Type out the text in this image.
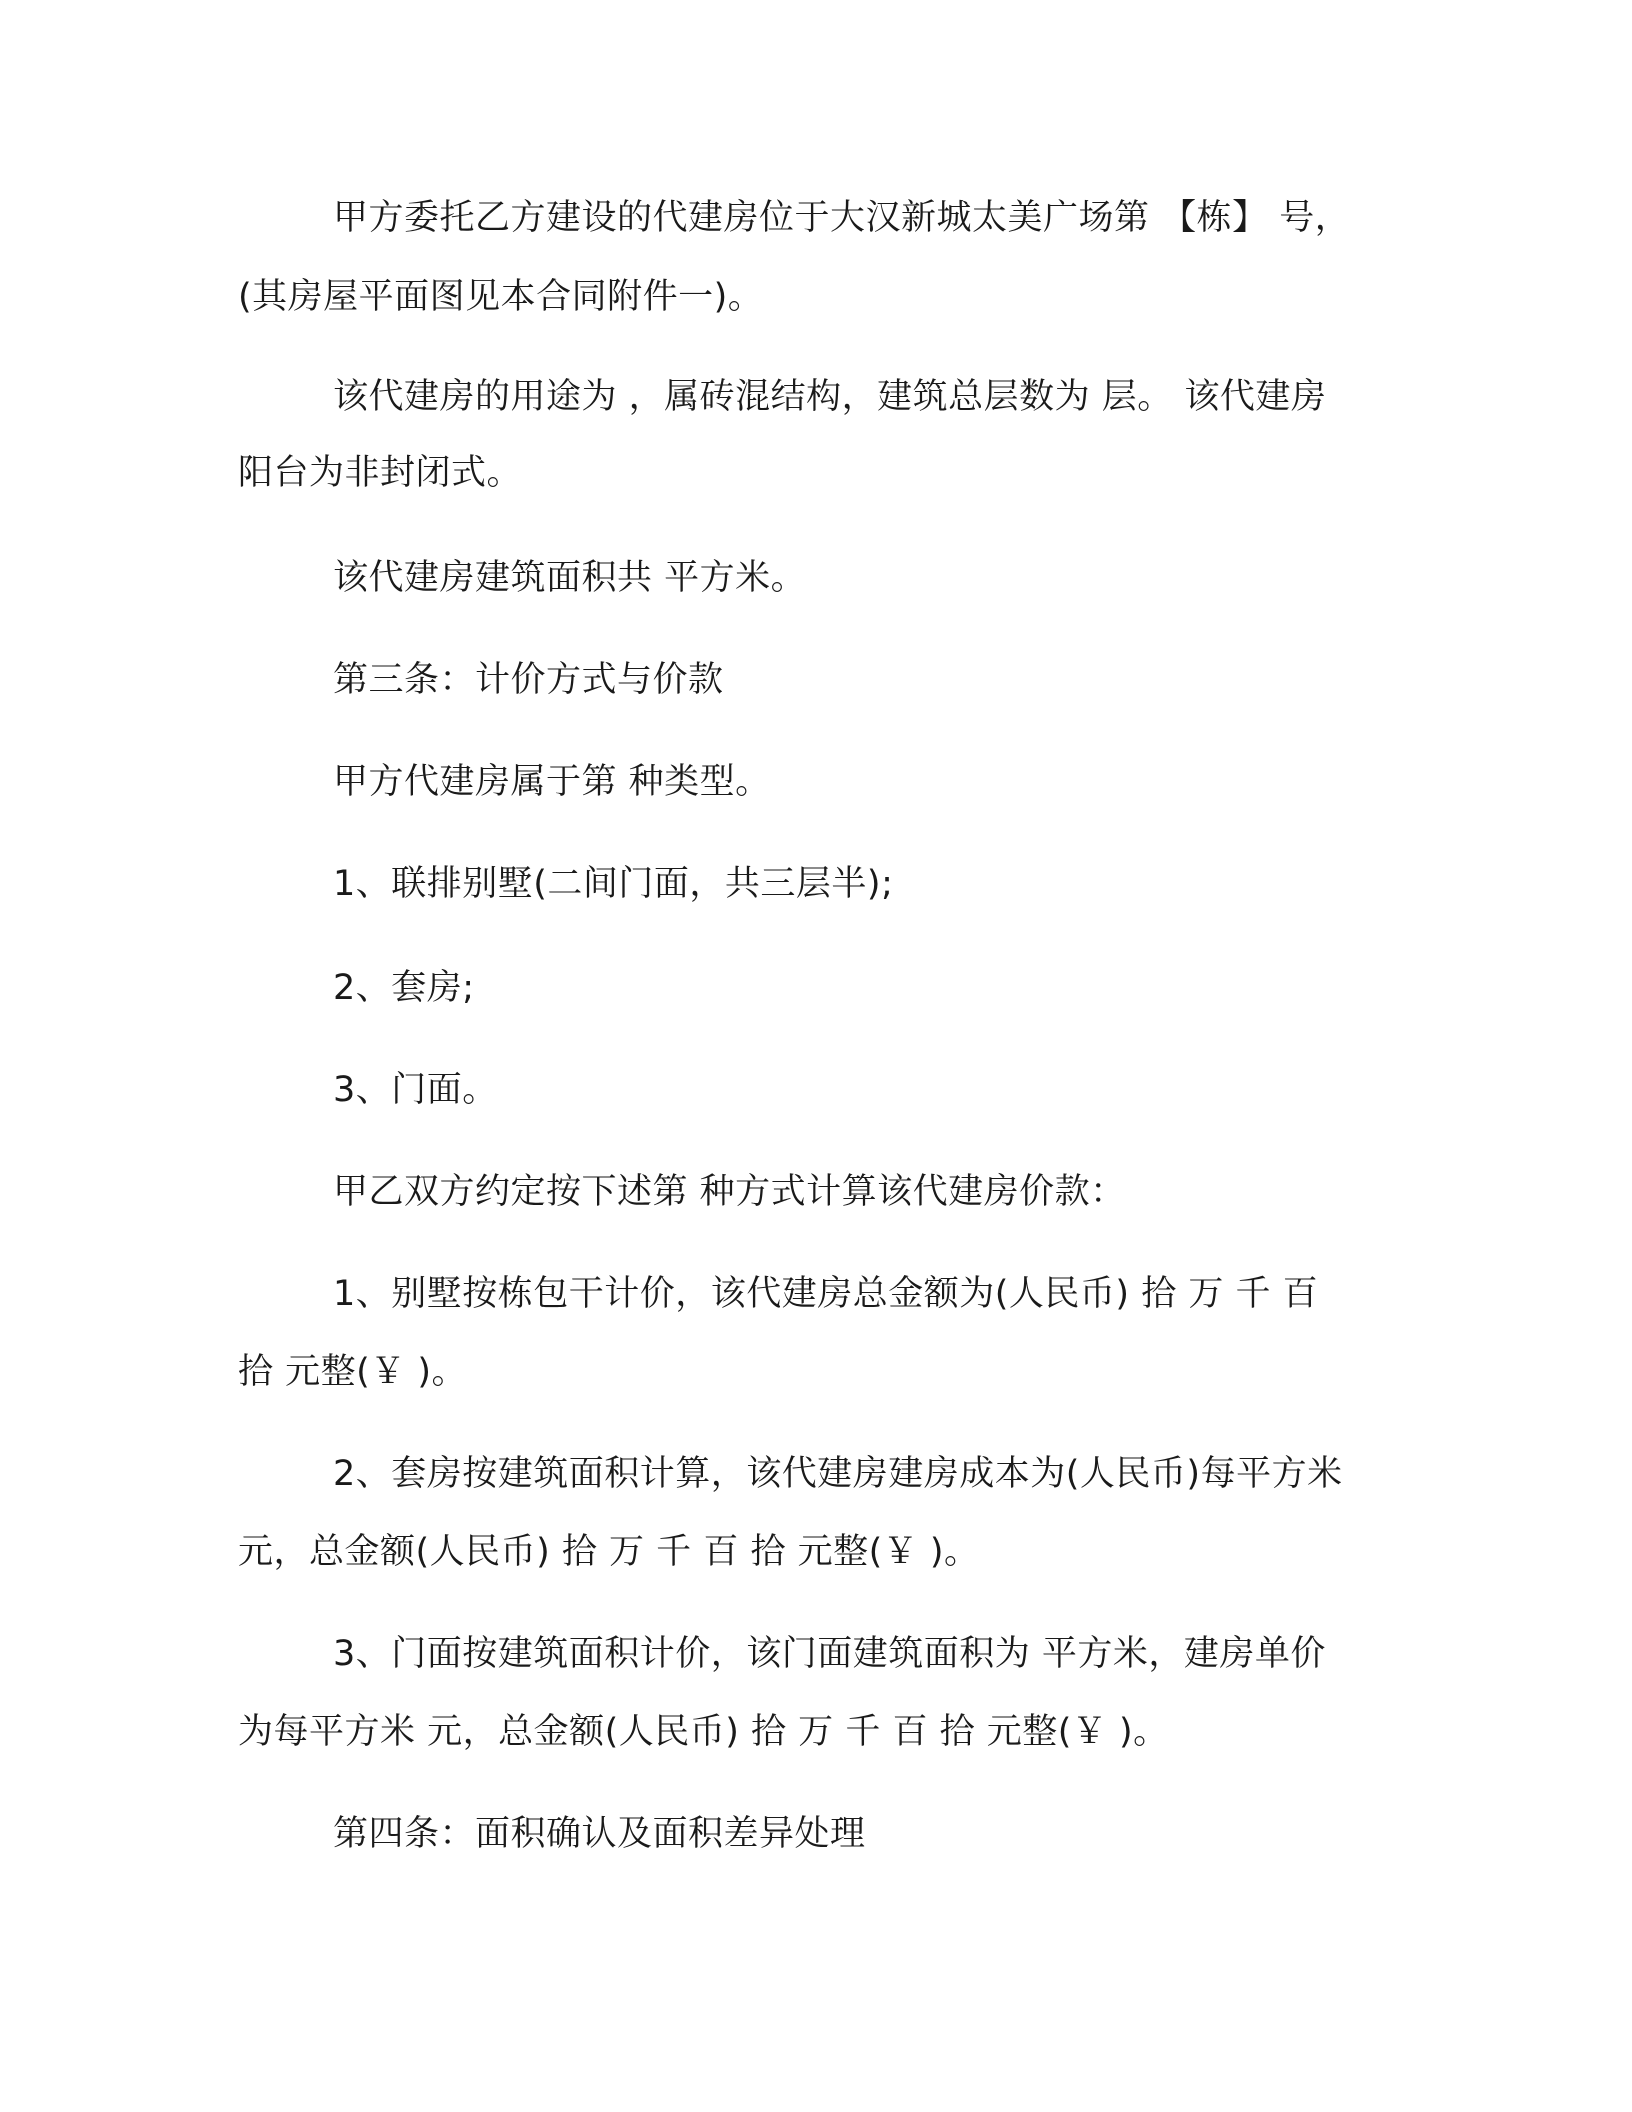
甲方委托乙方建设的代建房位于大汉新城太美广场第 【栋】 号，
(其房屋平面图见本合同附件一)。
该代建房的用途为 ，属砖混结构，建筑总层数为 层。 该代建房
阳台为非封闭式。
该代建房建筑面积共 平方米。
第三条：计价方式与价款
甲方代建房属于第 种类型。
1、联排别墅(二间门面，共三层半);
2、套房;
3、门面。
甲乙双方约定按下述第 种方式计算该代建房价款：
1、别墅按栋包干计价，该代建房总金额为(人民币) 拾 万 千 百
拾 元整(￥ )。
2、套房按建筑面积计算，该代建房建房成本为(人民币)每平方米
元，总金额(人民币) 拾 万 千 百 拾 元整(￥ )。
3、门面按建筑面积计价，该门面建筑面积为 平方米，建房单价
为每平方米 元，总金额(人民币) 拾 万 千 百 拾 元整(￥ )。
第四条：面积确认及面积差异处理
